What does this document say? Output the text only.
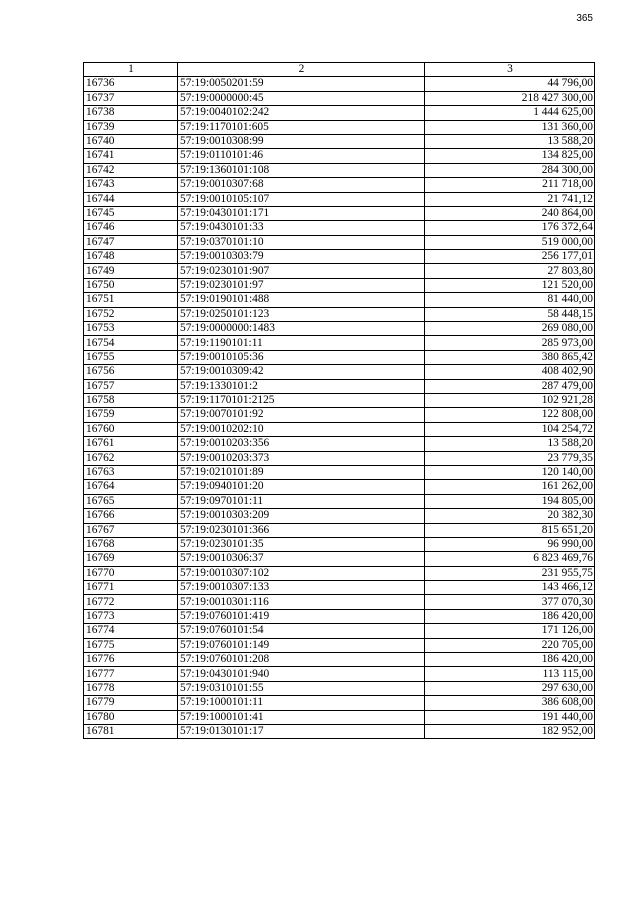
365
1	2	3
16736	57:19:0050201:59	44 796,00
16737	57:19:0000000:45	218 427 300,00
16738	57:19:0040102:242	1 444 625,00
16739	57:19:1170101:605	131 360,00
16740	57:19:0010308:99	13 588,20
16741	57:19:0110101:46	134 825,00
16742	57:19:1360101:108	284 300,00
16743	57:19:0010307:68	211 718,00
16744	57:19:0010105:107	21 741,12
16745	57:19:0430101:171	240 864,00
16746	57:19:0430101:33	176 372,64
16747	57:19:0370101:10	519 000,00
16748	57:19:0010303:79	256 177,01
16749	57:19:0230101:907	27 803,80
16750	57:19:0230101:97	121 520,00
16751	57:19:0190101:488	81 440,00
16752	57:19:0250101:123	58 448,15
16753	57:19:0000000:1483	269 080,00
16754	57:19:1190101:11	285 973,00
16755	57:19:0010105:36	380 865,42
16756	57:19:0010309:42	408 402,90
16757	57:19:1330101:2	287 479,00
16758	57:19:1170101:2125	102 921,28
16759	57:19:0070101:92	122 808,00
16760	57:19:0010202:10	104 254,72
16761	57:19:0010203:356	13 588,20
16762	57:19:0010203:373	23 779,35
16763	57:19:0210101:89	120 140,00
16764	57:19:0940101:20	161 262,00
16765	57:19:0970101:11	194 805,00
16766	57:19:0010303:209	20 382,30
16767	57:19:0230101:366	815 651,20
16768	57:19:0230101:35	96 990,00
16769	57:19:0010306:37	6 823 469,76
16770	57:19:0010307:102	231 955,75
16771	57:19:0010307:133	143 466,12
16772	57:19:0010301:116	377 070,30
16773	57:19:0760101:419	186 420,00
16774	57:19:0760101:54	171 126,00
16775	57:19:0760101:149	220 705,00
16776	57:19:0760101:208	186 420,00
16777	57:19:0430101:940	113 115,00
16778	57:19:0310101:55	297 630,00
16779	57:19:1000101:11	386 608,00
16780	57:19:1000101:41	191 440,00
16781	57:19:0130101:17	182 952,00
